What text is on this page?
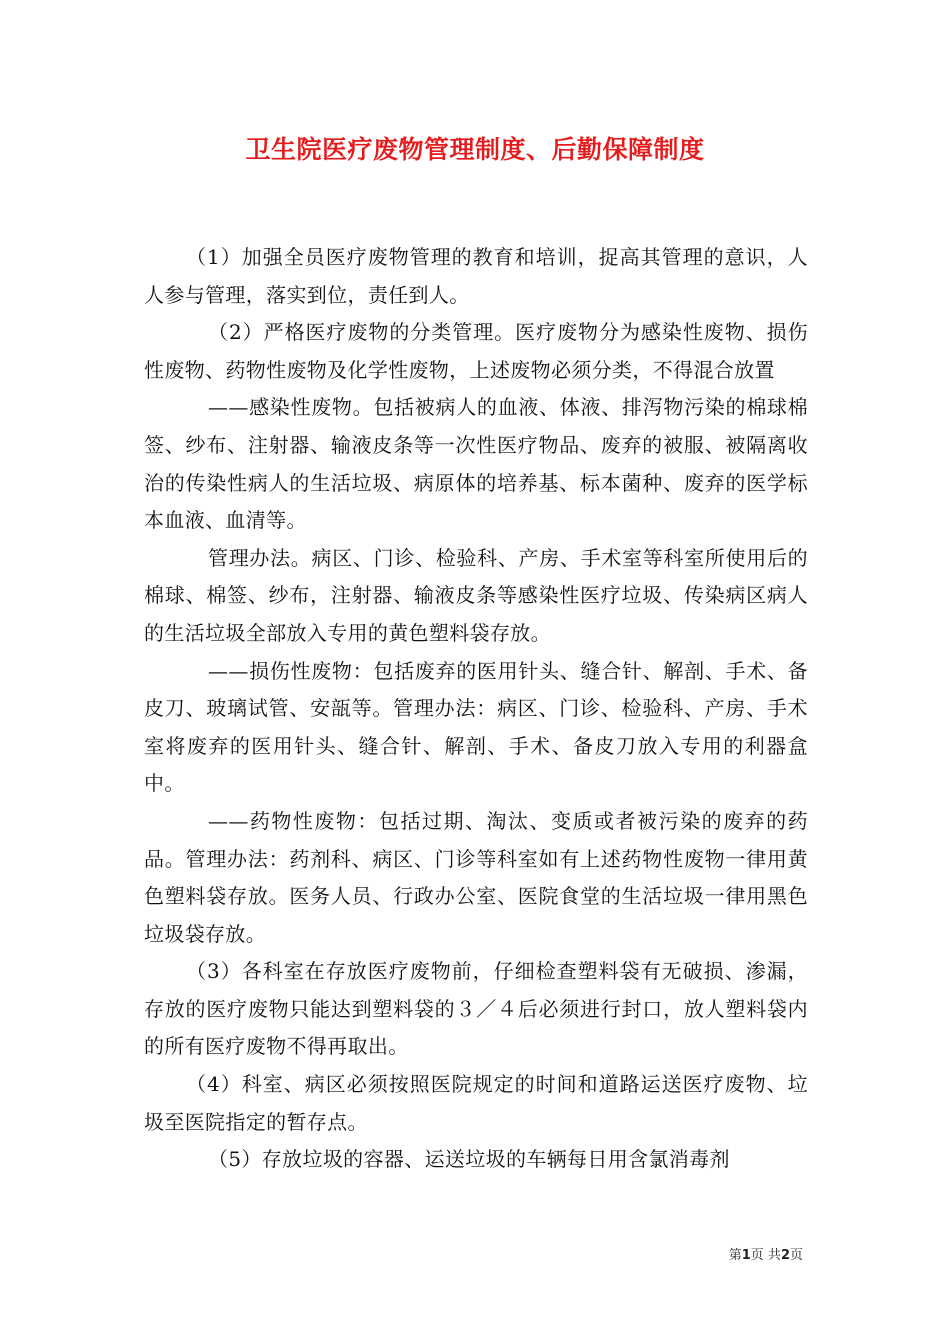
卫生院医疗废物管理制度、后勤保障制度

（1）加强全员医疗废物管理的教育和培训，捉高其管理的意识，人人参与管理，落实到位，责任到人。

（2）严格医疗废物的分类管理。医疗废物分为感染性废物、损伤性废物、药物性废物及化学性废物，上述废物必须分类，不得混合放置

——感染性废物。包括被病人的血液、体液、排泻物污染的棉球棉签、纱布、注射器、输液皮条等一次性医疗物品、废弃的被服、被隔离收治的传染性病人的生活垃圾、病原体的培养基、标本菌种、废弃的医学标本血液、血清等。

管理办法。病区、门诊、检验科、产房、手术室等科室所使用后的棉球、棉签、纱布，注射器、输液皮条等感染性医疗垃圾、传染病区病人的生活垃圾全部放入专用的黄色塑料袋存放。

——损伤性废物：包括废弃的医用针头、缝合针、解剖、手术、备皮刀、玻璃试管、安瓿等。管理办法：病区、门诊、检验科、产房、手术室将废弃的医用针头、缝合针、解剖、手术、备皮刀放入专用的利器盒中。

——药物性废物：包括过期、淘汰、变质或者被污染的废弃的药品。管理办法：药剂科、病区、门诊等科室如有上述药物性废物一律用黄色塑料袋存放。医务人员、行政办公室、医院食堂的生活垃圾一律用黑色垃圾袋存放。

（3）各科室在存放医疗废物前，仔细检查塑料袋有无破损、渗漏，存放的医疗废物只能达到塑料袋的３／４后必须进行封口，放人塑料袋内的所有医疗废物不得再取出。

（4）科室、病区必须按照医院规定的时间和道路运送医疗废物、垃圾至医院指定的暂存点。

（5）存放垃圾的容器、运送垃圾的车辆每日用含氯消毒剂

第1页 共2页
